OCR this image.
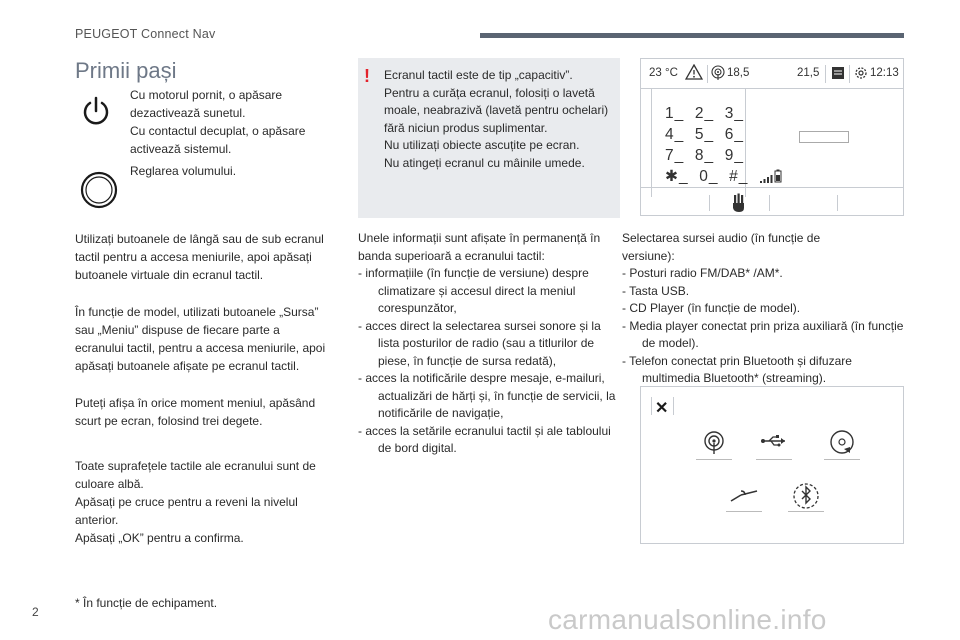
PEUGEOT Connect Nav
Primii pași
Cu motorul pornit, o apăsare
dezactivează sunetul.
Cu contactul decuplat, o apăsare
activează sistemul.
Reglarea volumului.
Utilizați butoanele de lângă sau de sub ecranul
tactil pentru a accesa meniurile, apoi apăsați
butoanele virtuale din ecranul tactil.
În funcție de model, utilizati butoanele „Sursa”
sau „Meniu” dispuse de fiecare parte a
ecranului tactil, pentru a accesa meniurile, apoi
apăsați butoanele afișate pe ecranul tactil.
Puteți afișa în orice moment meniul, apăsând
scurt pe ecran, folosind trei degete.
Toate suprafețele tactile ale ecranului sunt de
culoare albă.
Apăsați pe cruce pentru a reveni la nivelul
anterior.
Apăsați „OK” pentru a confirma.
* În funcție de echipament.
2
! Ecranul tactil este de tip „capacitiv”.
Pentru a curăța ecranul, folosiți o lavetă
moale, neabrazivă (lavetă pentru ochelari)
fără niciun produs suplimentar.
Nu utilizați obiecte ascuțite pe ecran.
Nu atingeți ecranul cu mâinile umede.
Unele informații sunt afișate în permanență în
banda superioară a ecranului tactil:
- informațiile (în funcție de versiune) despre climatizare și accesul direct la meniul corespunzător,
- acces direct la selectarea sursei sonore și la lista posturilor de radio (sau a titlurilor de piese, în funcție de sursa redată),
- acces la notificările despre mesaje, e-mailuri, actualizări de hărți și, în funcție de servicii, la notificările de navigație,
- acces la setările ecranului tactil și ale tabloului de bord digital.
Selectarea sursei audio (în funcție de
versiune):
- Posturi radio FM/DAB* /AM*.
- Tasta USB.
- CD Player (în funcție de model).
- Media player conectat prin priza auxiliară (în funcție de model).
- Telefon conectat prin Bluetooth și difuzare multimedia Bluetooth* (streaming).
23 °C	18,5	21,5	12:13
1_  2_  3_
4_  5_  6_
7_  8_  9_
✱_  0_  #_
✕
carmanualsonline.info
